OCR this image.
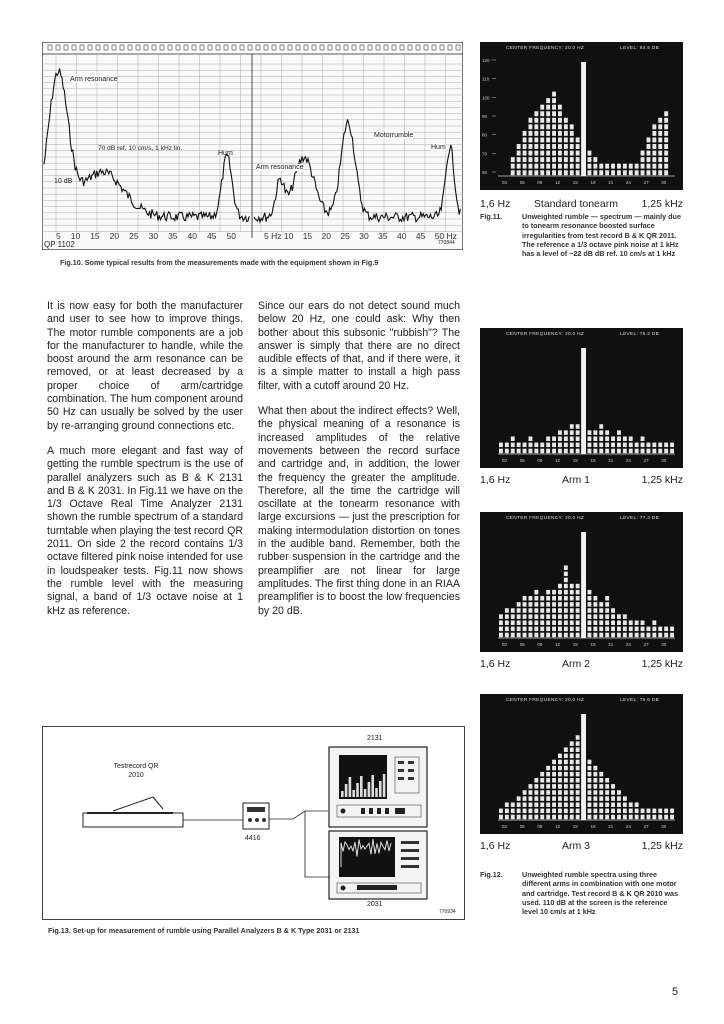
Arm resonance
70 dB ref. 10 cm/s, 1 kHz lin.
Hum
10 dB
Arm resonance
Motorrumble
Hum
5 10 15 20 25 30 35 40 45 50	5 Hz 10 15 20 25 30 35 40 45 50 Hz
QP 1102	770844
Fig.10. Some typical results from the measurements made with the equipment shown in Fig.9
CENTER FREQUENCY: 20.0 HZ	LEVEL: 84.5 DB
120
110
100
90
80
70
60
03	06	09	12	15	18	21	24	27	30
1,6 Hz Standard tonearm 1,25 kHz
Fig.11.	Unweighted rumble — spectrum — mainly due to tonearm resonance boosted surface irregularities from test record B & K QR 2011. The reference a 1/3 octave pink noise at 1 kHz has a level of −22 dB dB ref. 10 cm/s at 1 kHz

It is now easy for both the manufacturer and user to see how to improve things. The motor rumble components are a job for the manufacturer to handle, while the boost around the arm resonance can be removed, or at least decreased by a proper choice of arm/cartridge combination. The hum component around 50 Hz can usually be solved by the user by re-arranging ground connections etc.

A much more elegant and fast way of getting the rumble spectrum is the use of parallel analyzers such as B & K 2131 and B & K 2031. In Fig.11 we have on the 1/3 Octave Real Time Analyzer 2131 shown the rumble spectrum of a standard turntable when playing the test record QR 2011. On side 2 the record contains 1/3 octave filtered pink noise intended for use in loudspeaker tests. Fig.11 now shows the rumble level with the measuring signal, a band of 1/3 octave noise at 1 kHz as reference.

Since our ears do not detect sound much below 20 Hz, one could ask: Why then bother about this subsonic "rubbish"? The answer is simply that there are no direct audible effects of that, and if there were, it is a simple matter to install a high pass filter, with a cutoff around 20 Hz.

What then about the indirect effects? Well, the physical meaning of a resonance is increased amplitudes of the relative movements between the record surface and cartridge and, in addition, the lower the frequency the greater the amplitude. Therefore, all the time the cartridge will oscillate at the tonearm resonance with large excursions — just the prescription for making intermodulation distortion on tones in the audible band. Remember, both the rubber suspension in the cartridge and the preamplifier are not linear for large amplitudes. The first thing done in an RIAA preamplifier is to boost the low frequencies by 20 dB.

CENTER FREQUENCY: 20.0 HZ	LEVEL: 75.2 DB
03	06	09	12	15	18	21	24	27	30
1,6 Hz	Arm 1	1,25 kHz
CENTER FREQUENCY: 20.0 HZ	LEVEL: 77.3 DB
03	06	09	12	15	18	21	24	27	30
1,6 Hz	Arm 2	1,25 kHz
CENTER FREQUENCY: 20.0 HZ	LEVEL: 75.6 DB
03	06	09	12	15	18	21	24	27	30
1,6 Hz	Arm 3	1,25 kHz
Fig.12.	Unweighted rumble spectra using three different arms in combination with one motor and cartridge. Test record B & K QR 2010 was used. 110 dB at the screen is the reference level 10 cm/s at 1 kHz
Testrecord QR 2010
2131
4416
2031
770934
Fig.13. Set-up for measurement of rumble using Parallel Analyzers B & K Type 2031 or 2131
5
